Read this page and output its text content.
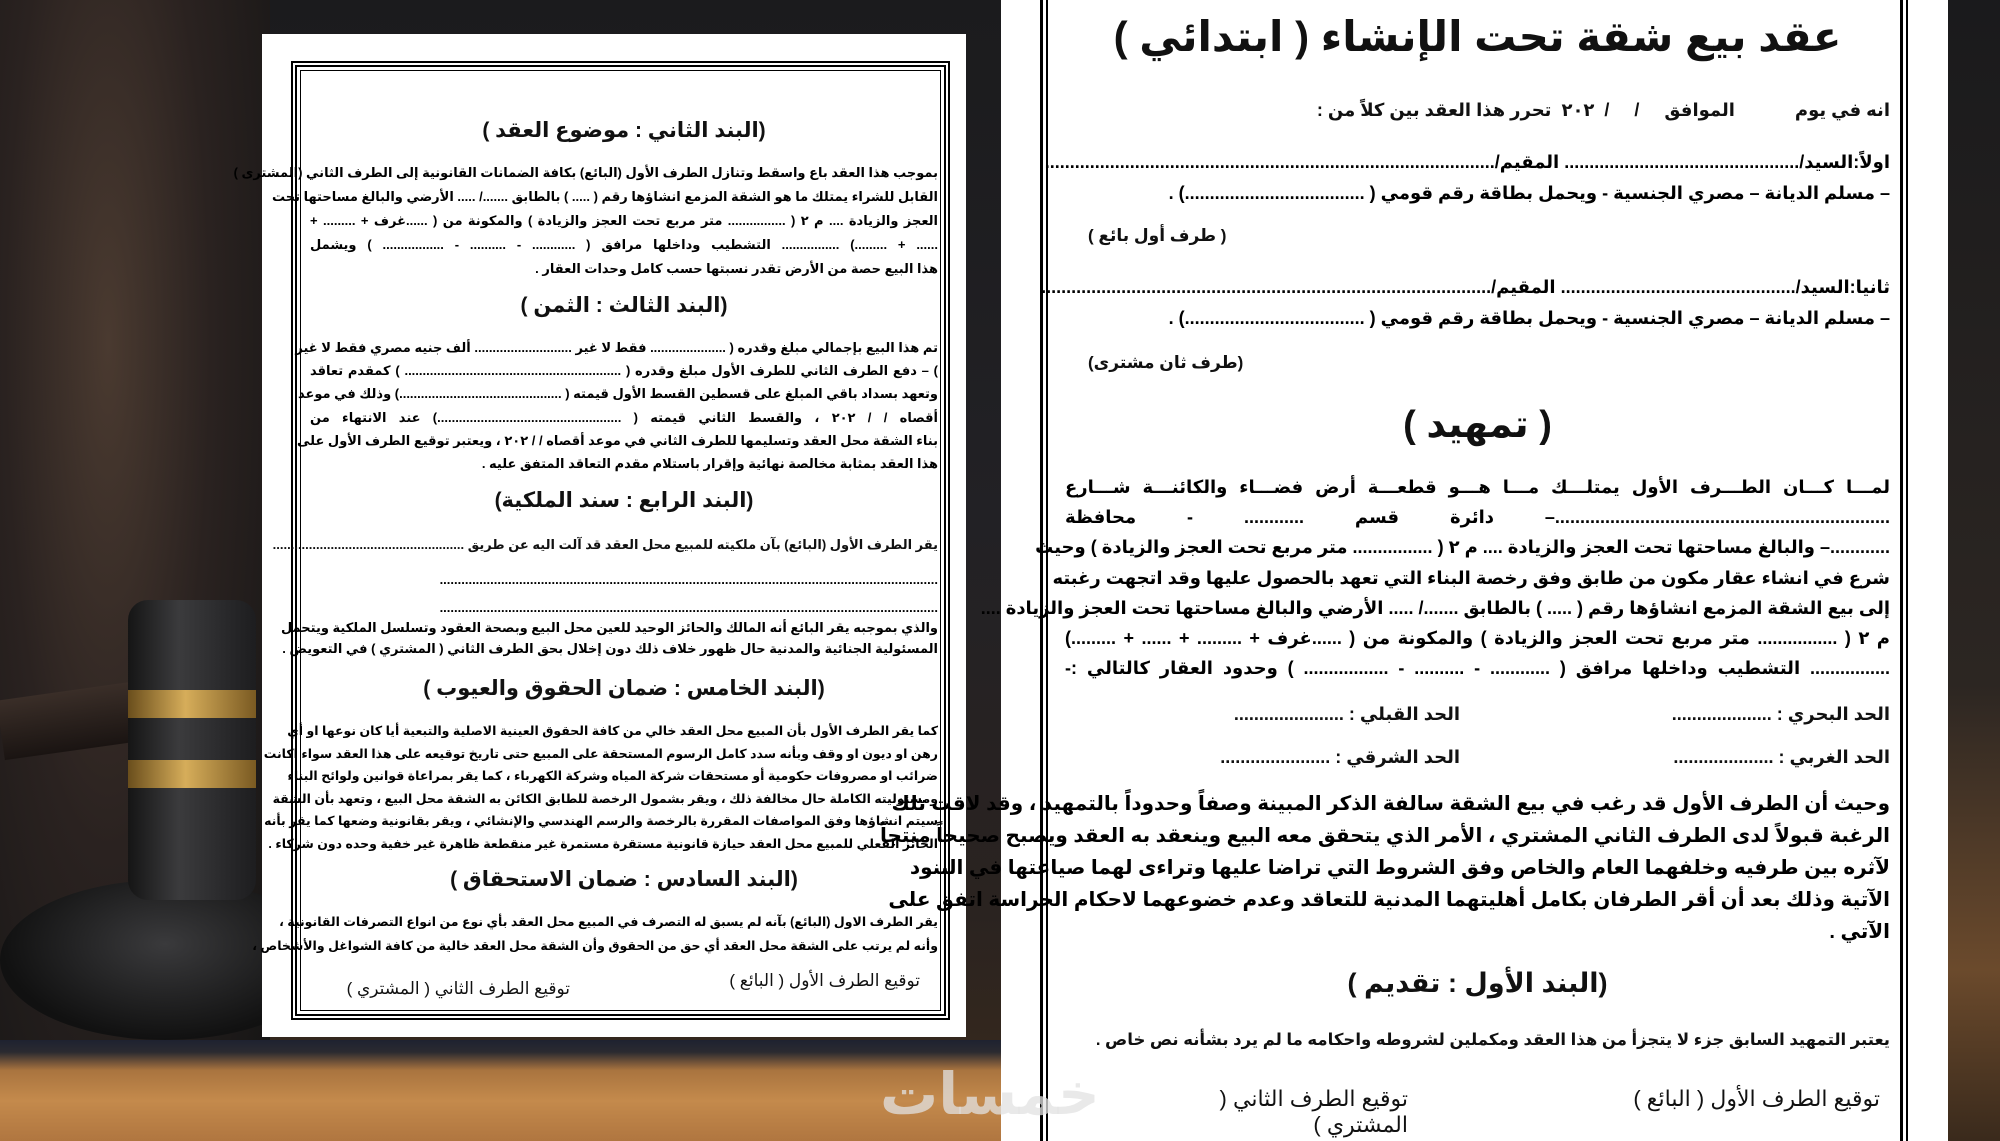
(البند الثاني : موضوع العقد )
بموجب هذا العقد باع واسقط وتنازل الطرف الأول (البائع) بكافة الضمانات القانونية إلى الطرف الثاني (المشترى )
القابل للشراء يمتلك ما هو الشقة المزمع انشاؤها رقم ( ..... ) بالطابق ......./ ..... الأرضي والبالغ مساحتها تحت
العجز والزيادة .... م ٢ ( ................ متر مربع تحت العجز والزيادة ) والمكونة من ( ......غرف + ......... +
...... + .........) ................ التشطيب وداخلها مرافق ( ............ - .......... - ................. ) ويشمل
هذا البيع حصة من الأرض تقدر نسبتها حسب كامل وحدات العقار .
(البند الثالث : الثمن )
تم هذا البيع بإجمالي مبلغ وقدره ( ..................... فقط لا غير ........................... ألف جنيه مصري فقط لا غير
) – دفع الطرف الثاني للطرف الأول مبلغ وقدره ( ............................................................ ) كمقدم تعاقد
وتعهد بسداد باقي المبلغ على قسطين القسط الأول قيمته ( .............................................) وذلك في موعد
أقصاه / / ٢٠٢ ، والقسط الثاني قيمته ( ...................................................) عند الانتهاء من
بناء الشقة محل العقد وتسليمها للطرف الثاني في موعد أقصاه / / ٢٠٢ ، ويعتبر توقيع الطرف الأول على
هذا العقد بمثابة مخالصة نهائية وإقرار باستلام مقدم التعاقد المتفق عليه .
(البند الرابع : سند الملكية)
يقر الطرف الأول (البائع) بآن ملكيته للمبيع محل العقد قد آلت اليه عن طريق .....................................................
..........................................................................................................................................
..........................................................................................................................................
والذي بموجبه يقر البائع أنه المالك والحائز الوحيد للعين محل البيع وبصحة العقود وتسلسل الملكية ويتحمل
المسئولية الجنائية والمدنية حال ظهور خلاف ذلك دون إخلال بحق الطرف الثاني ( المشتري ) في التعويض .
(البند الخامس : ضمان الحقوق والعيوب )
كما يقر الطرف الأول بأن المبيع محل العقد خالي من كافة الحقوق العينية الاصلية والتبعية أيا كان نوعها او أي
رهن او ديون او وقف وبأنه سدد كامل الرسوم المستحقة على المبيع حتى تاريخ توقيعه على هذا العقد سواء اكانت
ضرائب او مصروفات حكومية أو مستحقات شركة المياه وشركة الكهرباء ، كما يقر بمراعاة قوانين ولوائح البناء
ومسئوليته الكاملة حال مخالفة ذلك ، ويقر بشمول الرخصة للطابق الكائن به الشقة محل البيع ، وتعهد بأن الشقة
سيتم انشاؤها وفق المواصفات المقررة بالرخصة والرسم الهندسي والإنشائي ، ويقر بقانونية وضعها كما يقر بأنه
الحائز الفعلي للمبيع محل العقد حيازة قانونية مستقرة مستمرة غير منقطعة ظاهرة غير خفية وحده دون شركاء .
(البند السادس : ضمان الاستحقاق )
يقر الطرف الاول (البائع) بآنه لم يسبق له التصرف في المبيع محل العقد بأي نوع من انواع التصرفات القانونية ،
وأنه لم يرتب على الشقة محل العقد أي حق من الحقوق وأن الشقة محل العقد خالية من كافة الشواغل والأشخاص ،
توقيع الطرف الأول ( البائع )
توقيع الطرف الثاني ( المشتري )
عقد بيع شقة تحت الإنشاء ( ابتدائي )
انه في يوم            الموافق     /     /  ٢٠٢  تحرر هذا العقد بين كلاً من :
اولاً:السيد/............................................... المقيم/..........................................................................................
– مسلم الديانة – مصري الجنسية - ويحمل بطاقة رقم قومي ( ....................................) .
( طرف أول بائع )
ثانيا:السيد/............................................... المقيم/..........................................................................................
– مسلم الديانة – مصري الجنسية - ويحمل بطاقة رقم قومي ( ....................................) .
(طرف ثان مشترى)
( تمهيد )
لمـــا كـــان الطـــرف الأول يمتلـــك مـــا هـــو قطعـــة أرض فضـــاء والكائنـــة شـــارع
...................................................................– دائرة قسم ............ - محافظة
............– والبالغ مساحتها تحت العجز والزيادة .... م ٢ ( ................ متر مربع تحت العجز والزيادة ) وحيث
شرع في انشاء عقار مكون من طابق وفق رخصة البناء التي تعهد بالحصول عليها وقد اتجهت رغبته
إلى بيع الشقة المزمع انشاؤها رقم ( ..... ) بالطابق ......./ ..... الأرضي والبالغ مساحتها تحت العجز والزيادة ....
م ٢ ( ................ متر مربع تحت العجز والزيادة ) والمكونة من ( ......غرف + ......... + ...... + .........)
................ التشطيب وداخلها مرافق ( ............ - .......... - ................. ) وحدود العقار كالتالي :-
الحد البحري : ....................
الحد القبلي : ......................
الحد الغربي : ....................
الحد الشرقي : ......................
وحيث أن الطرف الأول قد رغب في بيع الشقة سالفة الذكر المبينة وصفاً وحدوداً بالتمهيد ، وقد لاقت تلك
الرغبة قبولاً لدى الطرف الثاني المشتري ، الأمر الذي يتحقق معه البيع وينعقد به العقد ويصبح صحيحاً منتجاً
لآثره بين طرفيه وخلفهما العام والخاص وفق الشروط التي تراضا عليها وتراءى لهما صياغتها في البنود
الآتية وذلك بعد أن أقر الطرفان بكامل أهليتهما المدنية للتعاقد وعدم خضوعهما لاحكام الحراسة اتفق على
الآتي .
(البند الأول : تقديم )
يعتبر التمهيد السابق جزء لا يتجزأ من هذا العقد ومكملين لشروطه واحكامه ما لم يرد بشأنه نص خاص .
توقيع الطرف الأول ( البائع )
توقيع الطرف الثاني ( المشتري )
خمسات
